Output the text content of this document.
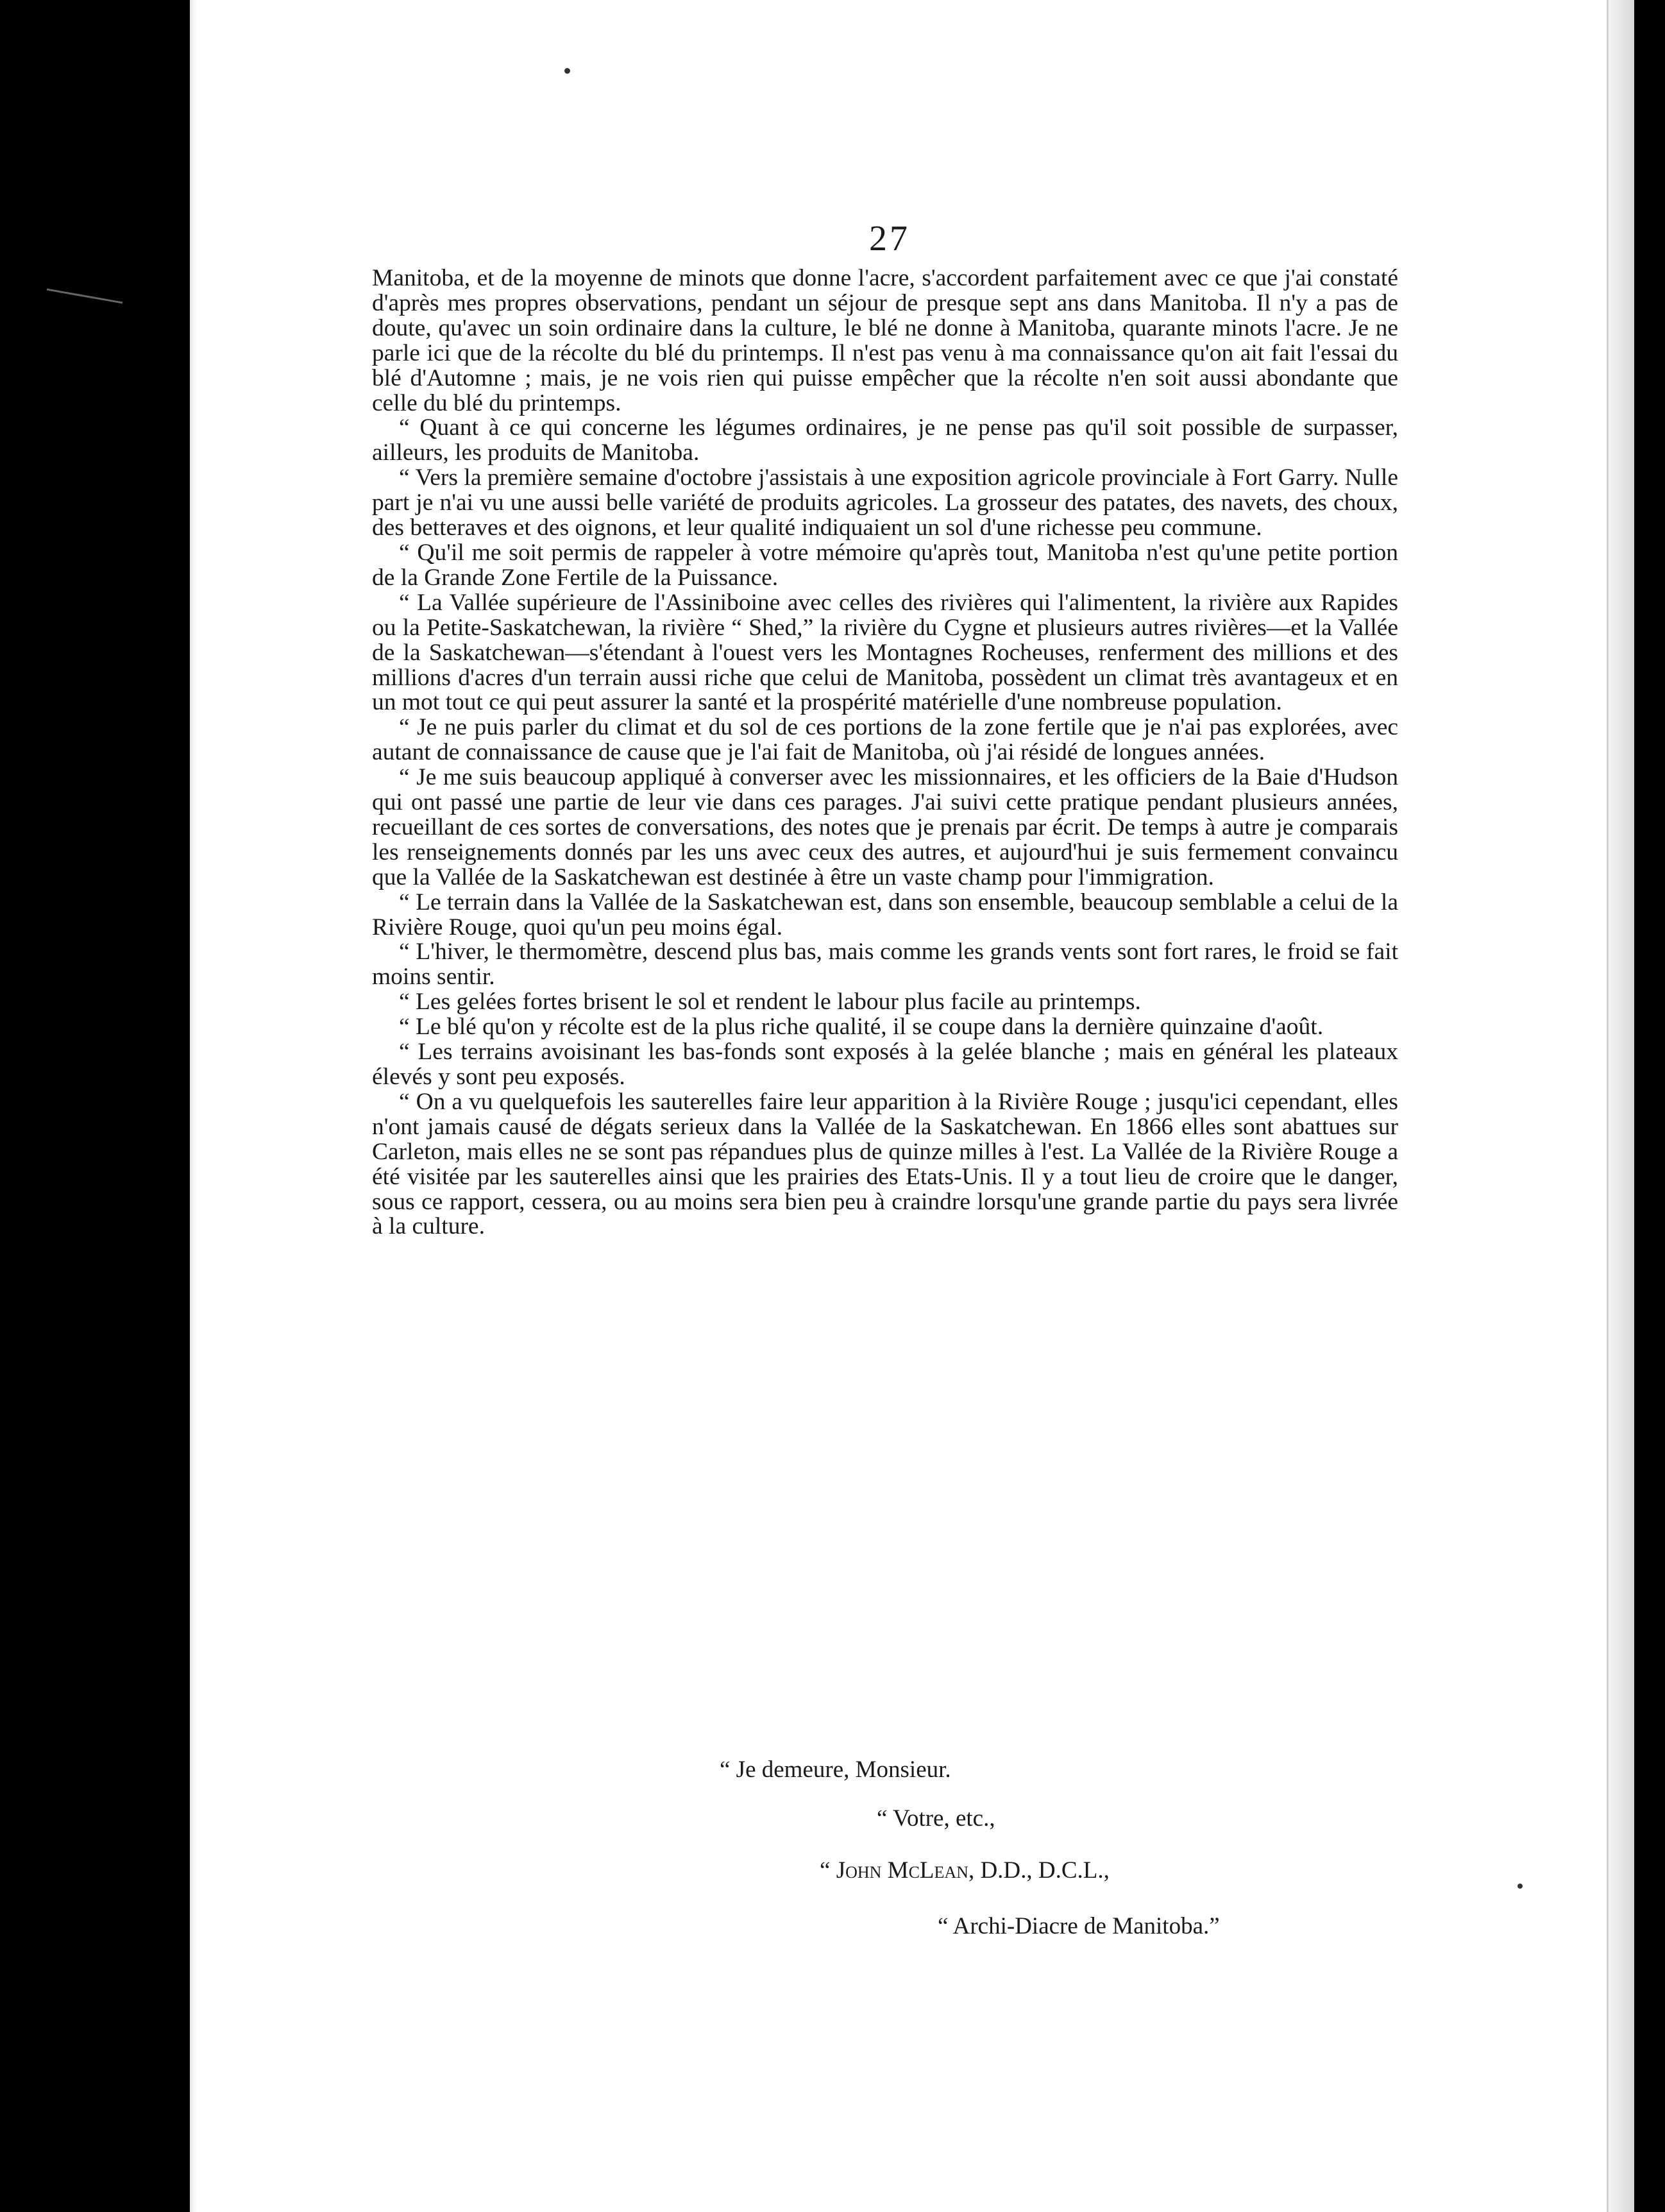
27

Manitoba, et de la moyenne de minots que donne l'acre, s'accordent parfaitement avec ce que j'ai constaté d'après mes propres observations, pendant un séjour de presque sept ans dans Manitoba. Il n'y a pas de doute, qu'avec un soin ordinaire dans la culture, le blé ne donne à Manitoba, quarante minots l'acre. Je ne parle ici que de la récolte du blé du printemps. Il n'est pas venu à ma connaissance qu'on ait fait l'essai du blé d'Automne ; mais, je ne vois rien qui puisse empêcher que la récolte n'en soit aussi abondante que celle du blé du printemps.

“ Quant à ce qui concerne les légumes ordinaires, je ne pense pas qu'il soit possible de surpasser, ailleurs, les produits de Manitoba.

“ Vers la première semaine d'octobre j'assistais à une exposition agricole provinciale à Fort Garry. Nulle part je n'ai vu une aussi belle variété de produits agricoles. La grosseur des patates, des navets, des choux, des betteraves et des oignons, et leur qualité indiquaient un sol d'une richesse peu commune.

“ Qu'il me soit permis de rappeler à votre mémoire qu'après tout, Manitoba n'est qu'une petite portion de la Grande Zone Fertile de la Puissance.

“ La Vallée supérieure de l'Assiniboine avec celles des rivières qui l'alimentent, la rivière aux Rapides ou la Petite-Saskatchewan, la rivière “ Shed,” la rivière du Cygne et plusieurs autres rivières—et la Vallée de la Saskatchewan—s'étendant à l'ouest vers les Montagnes Rocheuses, renferment des millions et des millions d'acres d'un terrain aussi riche que celui de Manitoba, possèdent un climat très avantageux et en un mot tout ce qui peut assurer la santé et la prospérité matérielle d'une nombreuse population.

“ Je ne puis parler du climat et du sol de ces portions de la zone fertile que je n'ai pas explorées, avec autant de connaissance de cause que je l'ai fait de Manitoba, où j'ai résidé de longues années.

“ Je me suis beaucoup appliqué à converser avec les missionnaires, et les officiers de la Baie d'Hudson qui ont passé une partie de leur vie dans ces parages. J'ai suivi cette pratique pendant plusieurs années, recueillant de ces sortes de conversations, des notes que je prenais par écrit. De temps à autre je comparais les renseignements donnés par les uns avec ceux des autres, et aujourd'hui je suis fermement convaincu que la Vallée de la Saskatchewan est destinée à être un vaste champ pour l'immigration.

“ Le terrain dans la Vallée de la Saskatchewan est, dans son ensemble, beaucoup semblable a celui de la Rivière Rouge, quoi qu'un peu moins égal.

“ L'hiver, le thermomètre, descend plus bas, mais comme les grands vents sont fort rares, le froid se fait moins sentir.

“ Les gelées fortes brisent le sol et rendent le labour plus facile au printemps.

“ Le blé qu'on y récolte est de la plus riche qualité, il se coupe dans la dernière quinzaine d'août.

“ Les terrains avoisinant les bas-fonds sont exposés à la gelée blanche ; mais en général les plateaux élevés y sont peu exposés.

“ On a vu quelquefois les sauterelles faire leur apparition à la Rivière Rouge ; jusqu'ici cependant, elles n'ont jamais causé de dégats serieux dans la Vallée de la Saskatchewan. En 1866 elles sont abattues sur Carleton, mais elles ne se sont pas répandues plus de quinze milles à l'est. La Vallée de la Rivière Rouge a été visitée par les sauterelles ainsi que les prairies des Etats-Unis. Il y a tout lieu de croire que le danger, sous ce rapport, cessera, ou au moins sera bien peu à craindre lorsqu'une grande partie du pays sera livrée à la culture.

“ Je demeure, Monsieur.
“ Votre, etc.,
“ John McLean, D.D., D.C.L.,
“ Archi-Diacre de Manitoba.”
